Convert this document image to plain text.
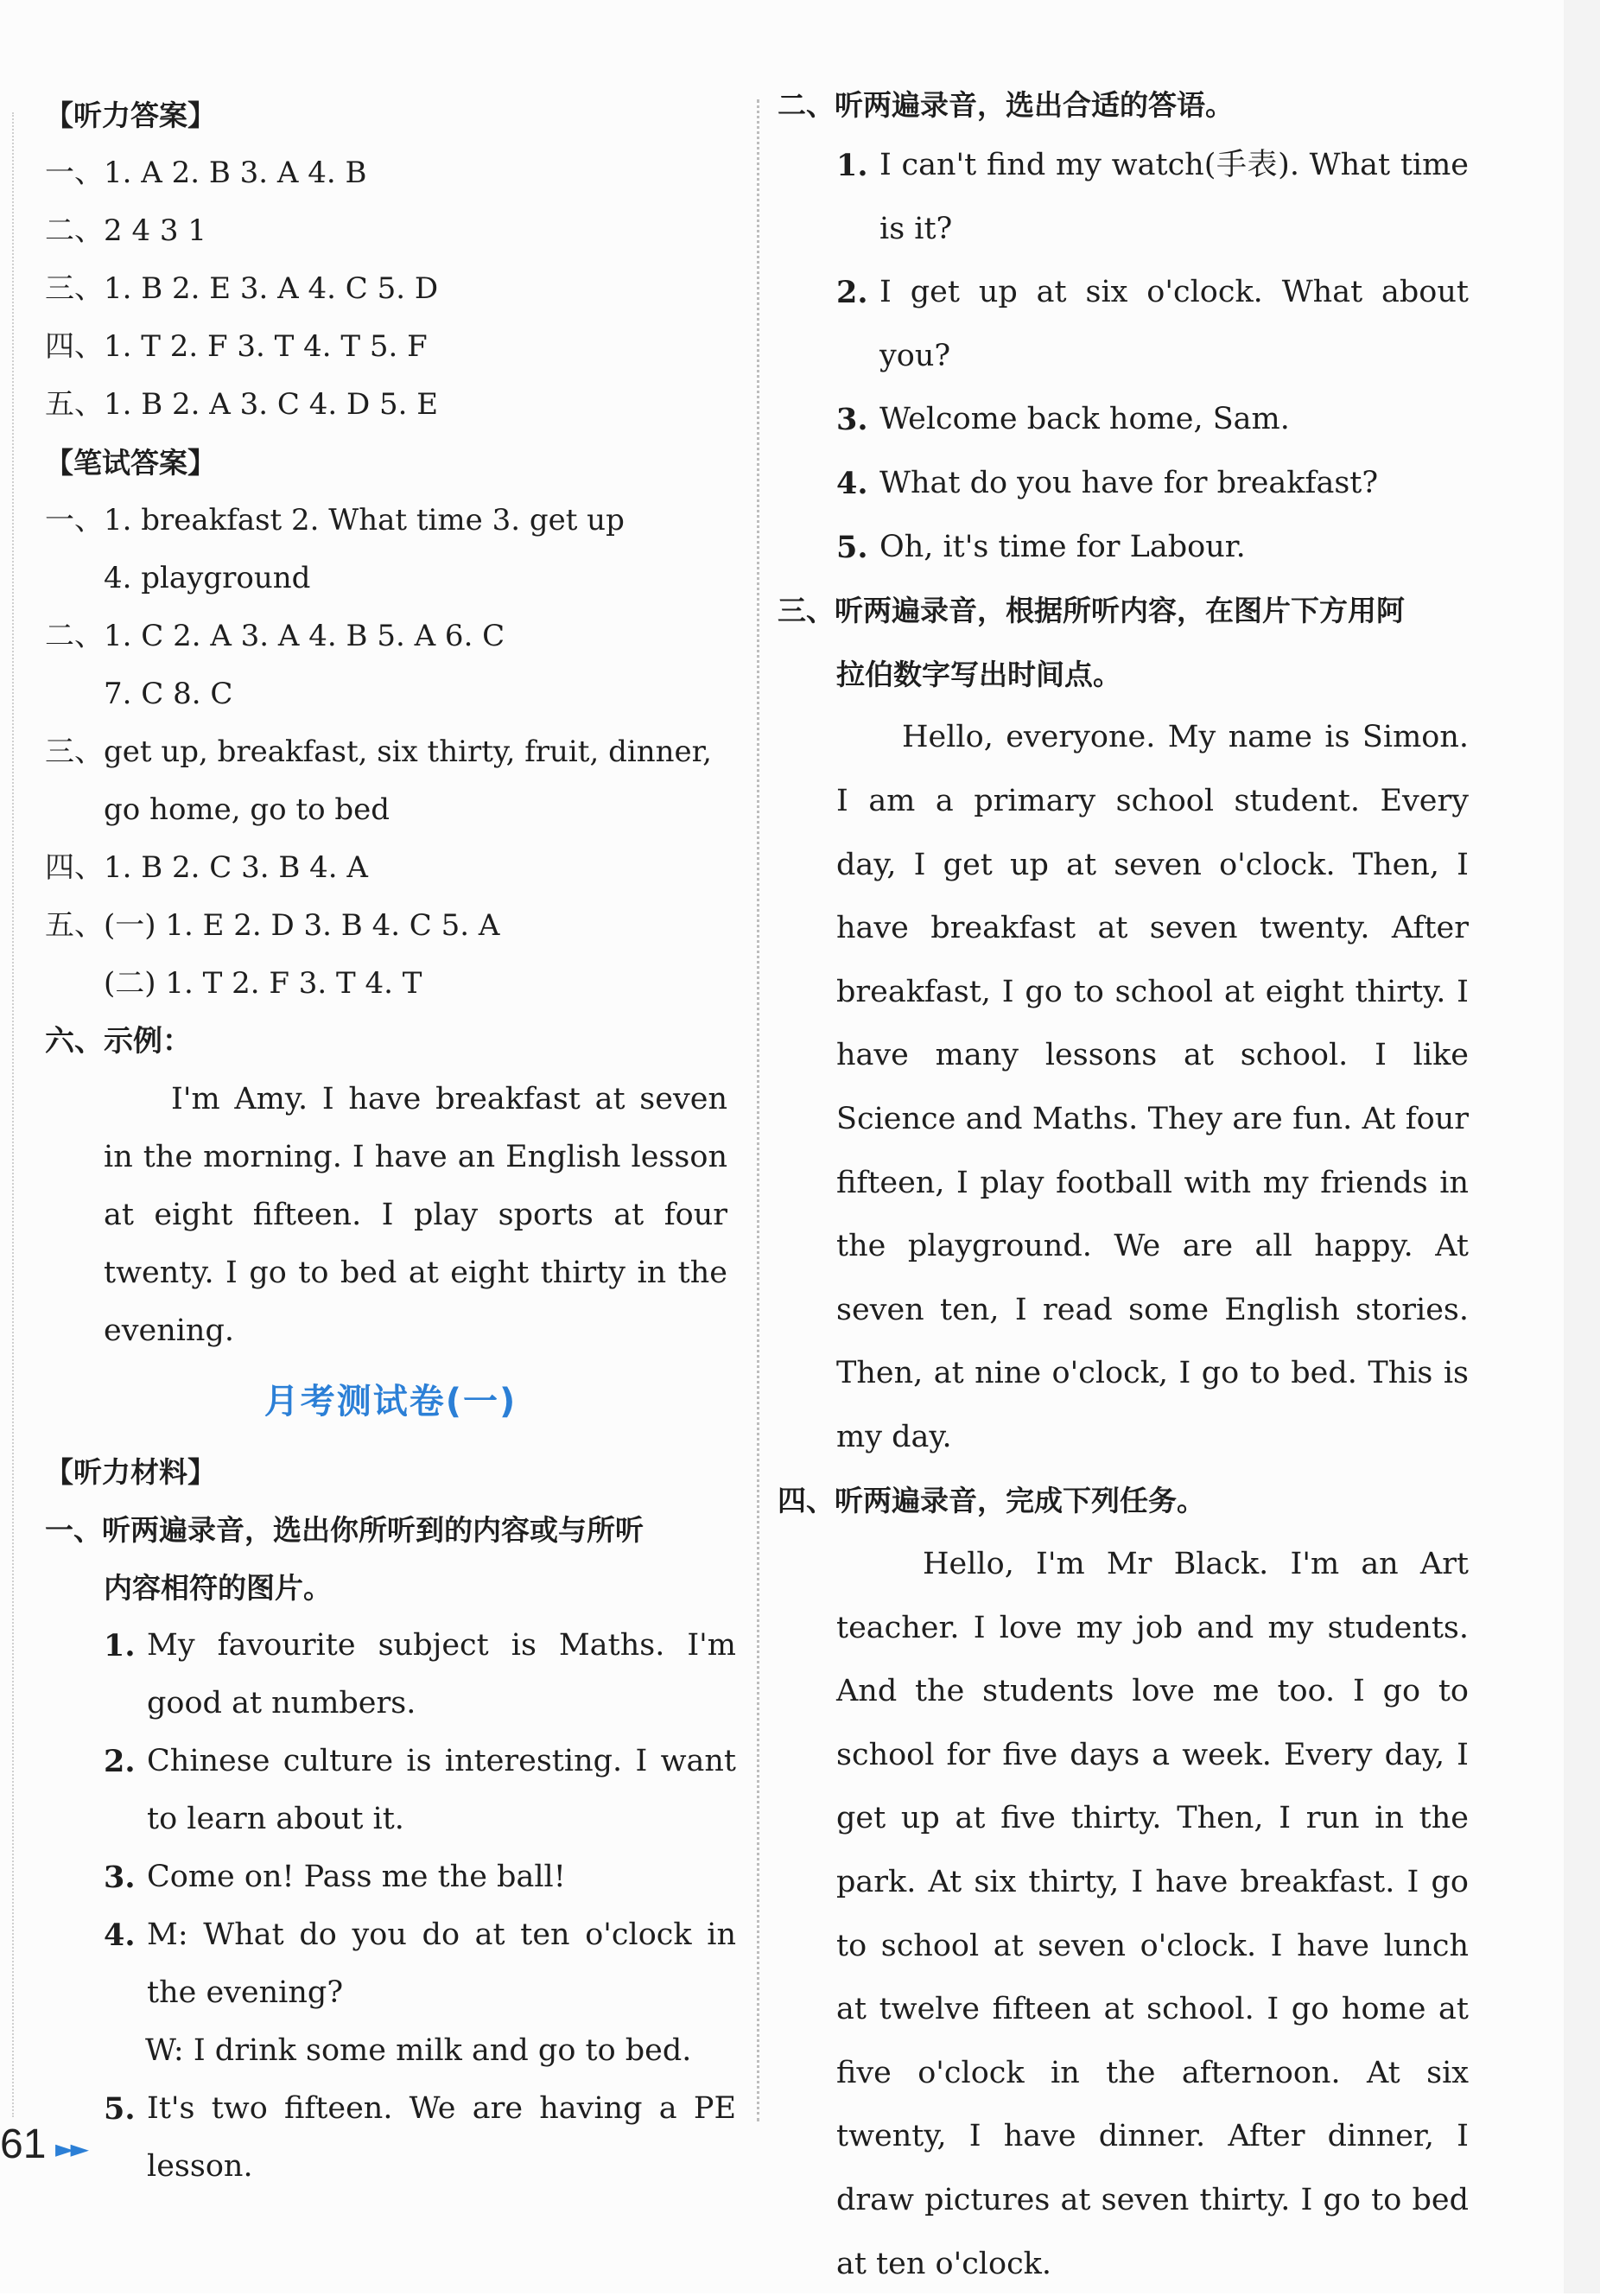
【听力答案】
一、1. A 2. B 3. A 4. B
二、2 4 3 1
三、1. B 2. E 3. A 4. C 5. D
四、1. T 2. F 3. T 4. T 5. F
五、1. B 2. A 3. C 4. D 5. E
【笔试答案】
一、1. breakfast 2. What time 3. get up
4. playground
二、1. C 2. A 3. A 4. B 5. A 6. C
7. C 8. C
三、get up, breakfast, six thirty, fruit, dinner,
go home, go to bed
四、1. B 2. C 3. B 4. A
五、(一) 1. E 2. D 3. B 4. C 5. A
(二) 1. T 2. F 3. T 4. T
六、示例：
I'm Amy. I have breakfast at seven in the morning. I have an English lesson at eight fifteen. I play sports at four twenty. I go to bed at eight thirty in the evening.
月考测试卷(一)
【听力材料】
一、听两遍录音，选出你所听到的内容或与所听
内容相符的图片。
1. My favourite subject is Maths. I'm good at numbers.
2. Chinese culture is interesting. I want to learn about it.
3. Come on! Pass me the ball!
4. M: What do you do at ten o'clock in the evening?
W: I drink some milk and go to bed.
5. It's two fifteen. We are having a PE lesson.
二、听两遍录音，选出合适的答语。
1. I can't find my watch(手表). What time is it?
2. I get up at six o'clock. What about you?
3. Welcome back home, Sam.
4. What do you have for breakfast?
5. Oh, it's time for Labour.
三、听两遍录音，根据所听内容，在图片下方用阿
拉伯数字写出时间点。
Hello, everyone. My name is Simon. I am a primary school student. Every day, I get up at seven o'clock. Then, I have breakfast at seven twenty. After breakfast, I go to school at eight thirty. I have many lessons at school. I like Science and Maths. They are fun. At four fifteen, I play football with my friends in the playground. We are all happy. At seven ten, I read some English stories. Then, at nine o'clock, I go to bed. This is my day.
四、听两遍录音，完成下列任务。
Hello, I'm Mr Black. I'm an Art teacher. I love my job and my students. And the students love me too. I go to school for five days a week. Every day, I get up at five thirty. Then, I run in the park. At six thirty, I have breakfast. I go to school at seven o'clock. I have lunch at twelve fifteen at school. I go home at five o'clock in the afternoon. At six twenty, I have dinner. After dinner, I draw pictures at seven thirty. I go to bed at ten o'clock.
61 ►►
